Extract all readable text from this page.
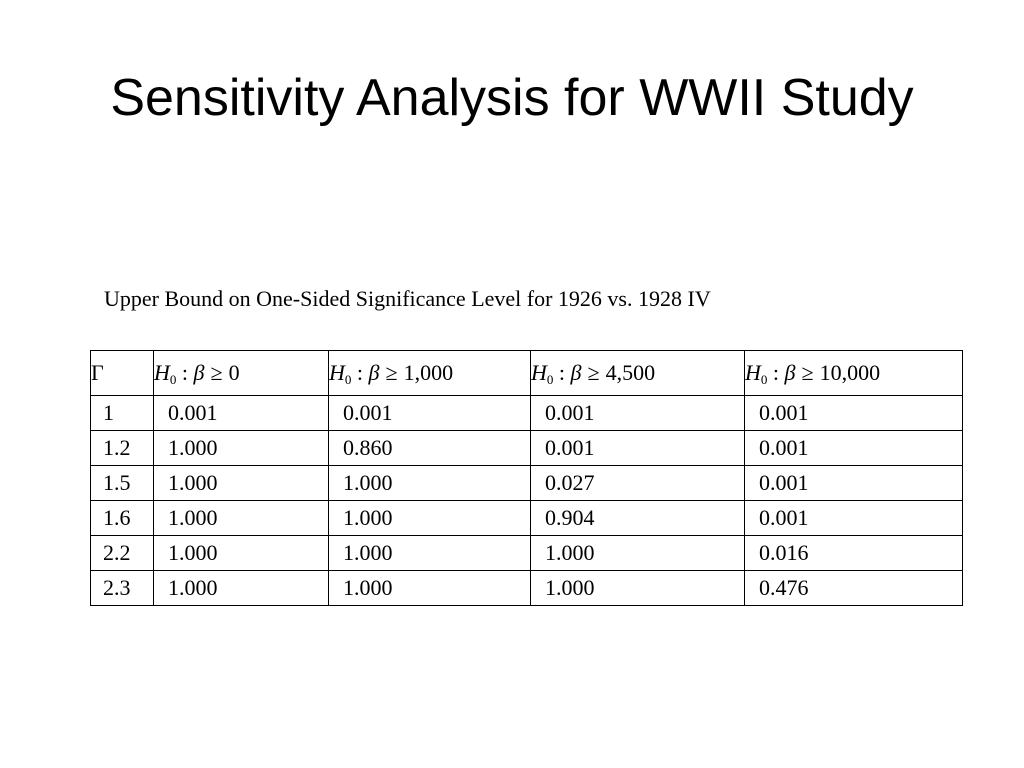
Sensitivity Analysis for WWII Study
Upper Bound on One-Sided Significance Level for 1926 vs. 1928 IV
Γ	$H_0$ : β ≥ 0	$H_0$ : β ≥ 1,000	$H_0$ : β ≥ 4,500	$H_0$ : β ≥ 10,000
1	0.001	0.001	0.001	0.001
1.2	1.000	0.860	0.001	0.001
1.5	1.000	1.000	0.027	0.001
1.6	1.000	1.000	0.904	0.001
2.2	1.000	1.000	1.000	0.016
2.3	1.000	1.000	1.000	0.476
